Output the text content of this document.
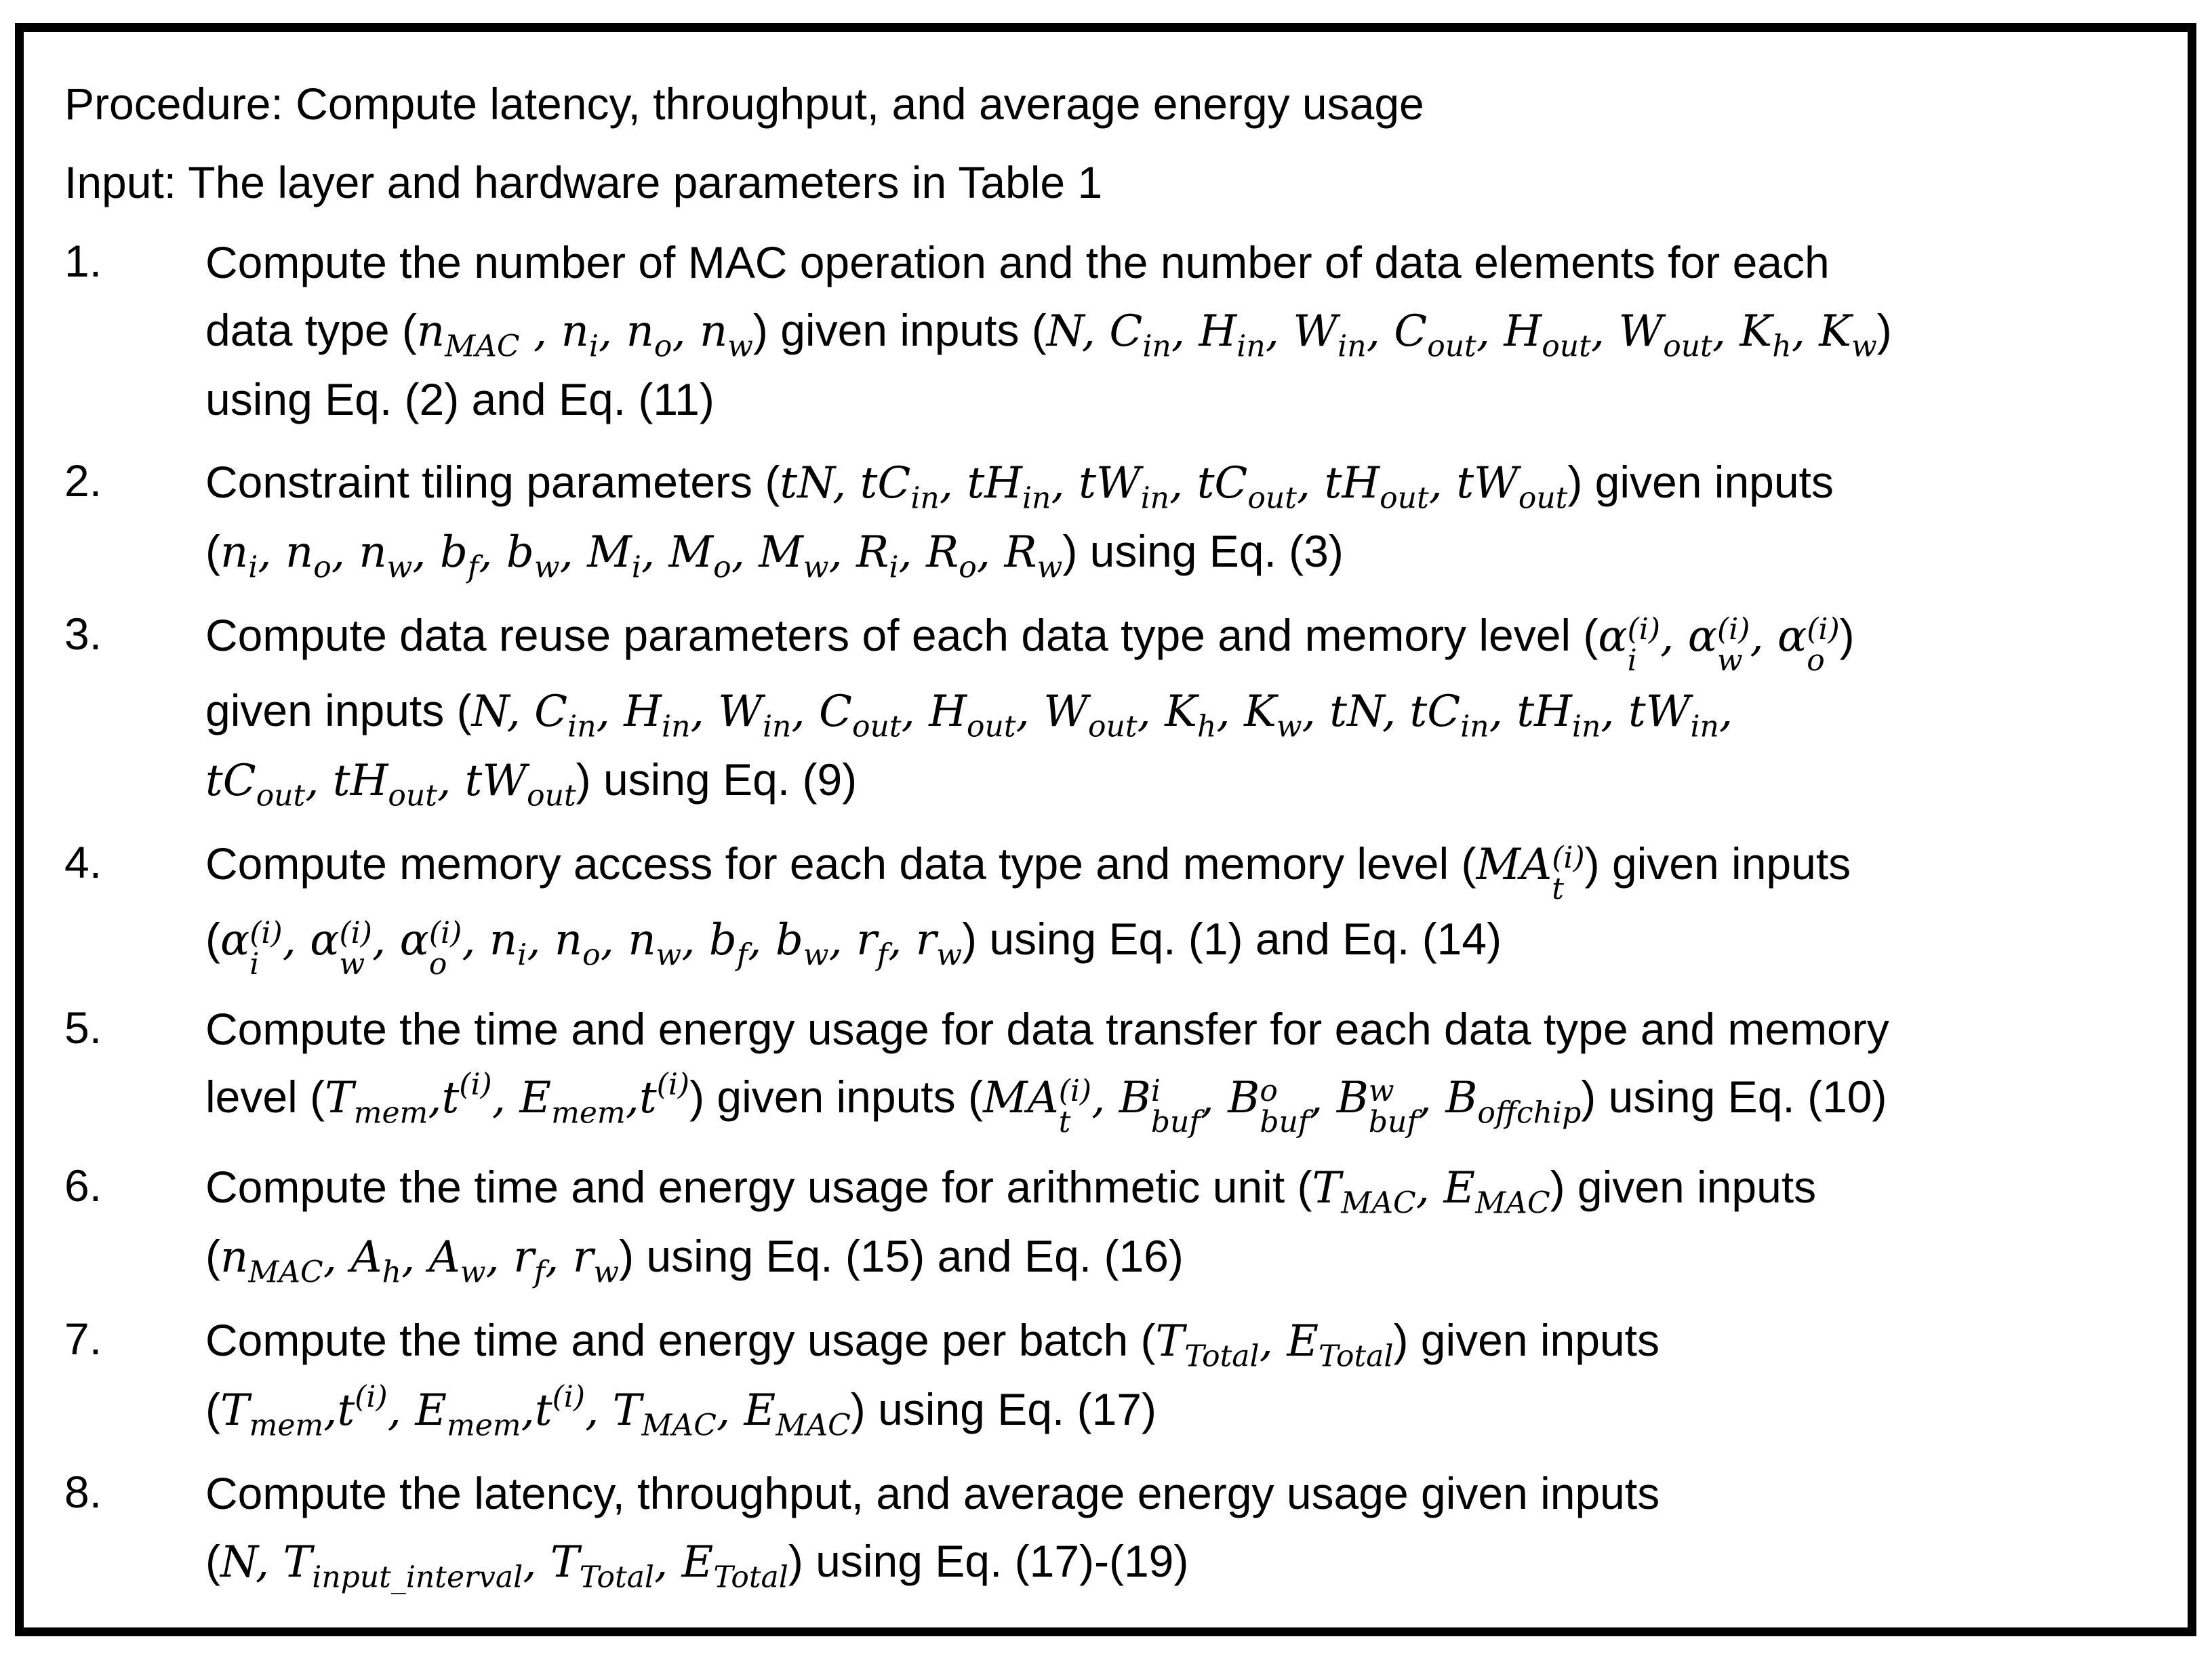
Procedure: Compute latency, throughput, and average energy usage
Input: The layer and hardware parameters in Table 1
1. Compute the number of MAC operation and the number of data elements for each
data type ($n_{MAC}$ , $n_i$, $n_o$, $n_w$) given inputs (N, $C_{in}$, $H_{in}$, $W_{in}$, $C_{out}$, $H_{out}$, $W_{out}$, $K_h$, $K_w$)
using Eq. (2) and Eq. (11)
2. Constraint tiling parameters (tN, $tC_{in}$, $tH_{in}$, $tW_{in}$, $tC_{out}$, $tH_{out}$, $tW_{out}$) given inputs
($n_i$, $n_o$, $n_w$, $b_f$, $b_w$, $M_i$, $M_o$, $M_w$, $R_i$, $R_o$, $R_w$) using Eq. (3)
3. Compute data reuse parameters of each data type and memory level (α (i)
i , α (i)
w , α (i)
o
)
given inputs (N, $C_{in}$, $H_{in}$, $W_{in}$, $C_{out}$, $H_{out}$, $W_{out}$, $K_h$, $K_w$, tN, $tC_{in}$, $tH_{in}$, $tW_{in}$,
$tC_{out}$, $tH_{out}$, $tW_{out}$) using Eq. (9)
4. Compute memory access for each data type and memory level (MA (i)
t
) given inputs
(α (i)
i , α (i)
w , α (i)
o , $n_i$, $n_o$, $n_w$, $b_f$, $b_w$, $r_f$, $r_w$) using Eq. (1) and Eq. (14)
5. Compute the time and energy usage for data transfer for each data type and memory
level ($T_{mem},t^{(i)}$, $E_{mem},t^{(i)}$) given inputs (MA (i)
t , B i
buf , B o
buf , B w
buf , $B_{offchip}$) using Eq. (10)
6. Compute the time and energy usage for arithmetic unit ($T_{MAC}$, $E_{MAC}$) given inputs
($n_{MAC}$, $A_h$, $A_w$, $r_f$, $r_w$) using Eq. (15) and Eq. (16)
7. Compute the time and energy usage per batch ($T_{Total}$, $E_{Total}$) given inputs
($T_{mem},t^{(i)}$, $E_{mem},t^{(i)}$, $T_{MAC}$, $E_{MAC}$) using Eq. (17)
8. Compute the latency, throughput, and average energy usage given inputs
(N, $T_{input\_interval}$, $T_{Total}$, $E_{Total}$) using Eq. (17)-(19)
